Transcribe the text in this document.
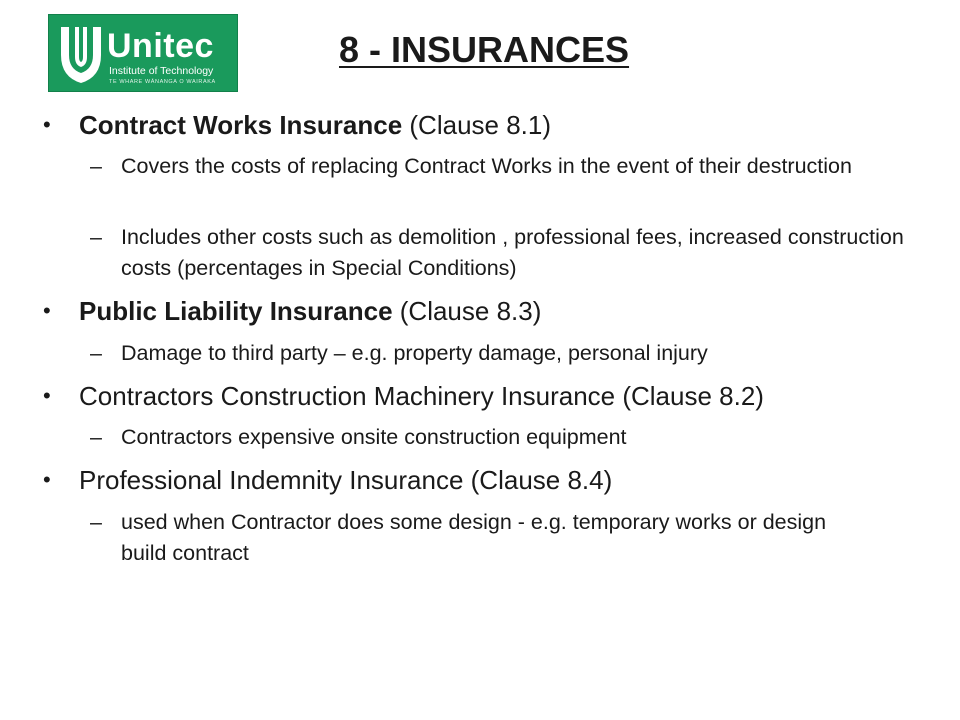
Unitec
Institute of Technology
TE WHARE WĀNANGA O WAIRAKA
8 - INSURANCES
• Contract Works Insurance (Clause 8.1)
– Covers the costs of replacing Contract Works in the event of their destruction
– Includes other costs such as demolition , professional fees, increased construction costs (percentages in Special Conditions)
• Public Liability Insurance (Clause 8.3)
– Damage to third party – e.g. property damage, personal injury
• Contractors Construction Machinery Insurance (Clause 8.2)
– Contractors expensive onsite construction equipment
• Professional Indemnity Insurance (Clause 8.4)
– used when Contractor does some design - e.g. temporary works or design build contract
